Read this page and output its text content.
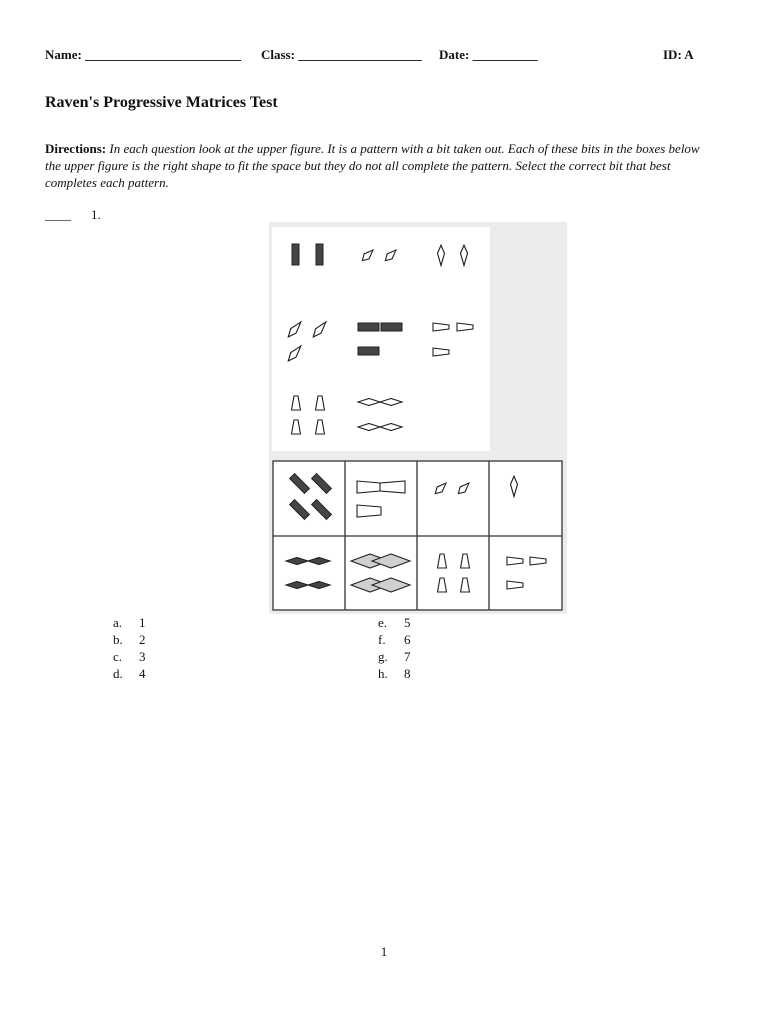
Name: ________________________ Class: ___________________ Date: __________	ID: A
Raven's Progressive Matrices Test

Directions: In each question look at the upper figure. It is a pattern with a bit taken out. Each of these bits in the boxes below the upper figure is the right shape to fit the space but they do not all complete the pattern. Select the correct bit that best completes each pattern.

____ 1.
a. 1
b. 2
c. 3
d. 4
e. 5
f. 6
g. 7
h. 8
1
